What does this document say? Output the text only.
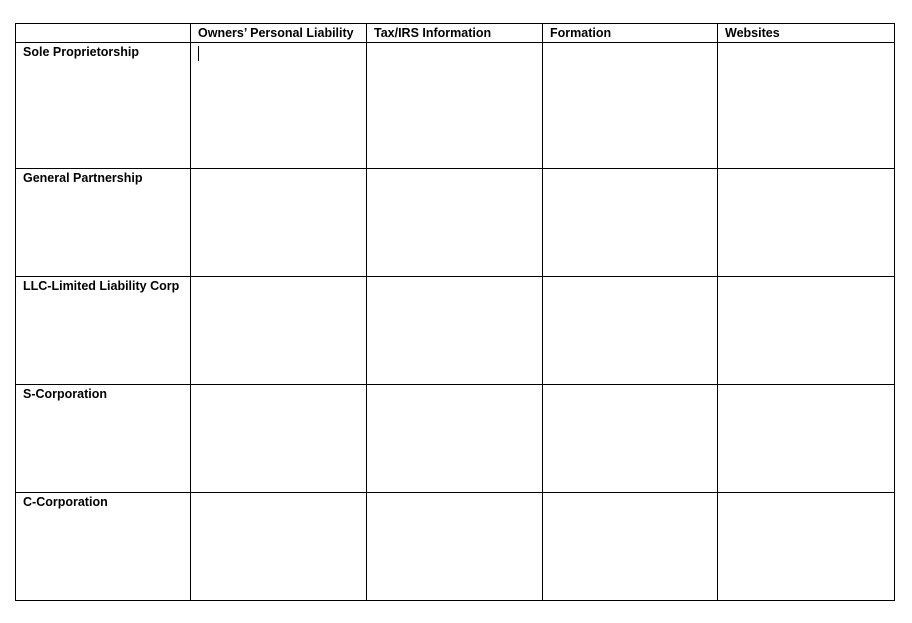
	Owners’ Personal Liability	Tax/IRS Information	Formation	Websites
Sole Proprietorship	

General Partnership				
LLC-Limited Liability Corp				
S-Corporation				
C-Corporation				
